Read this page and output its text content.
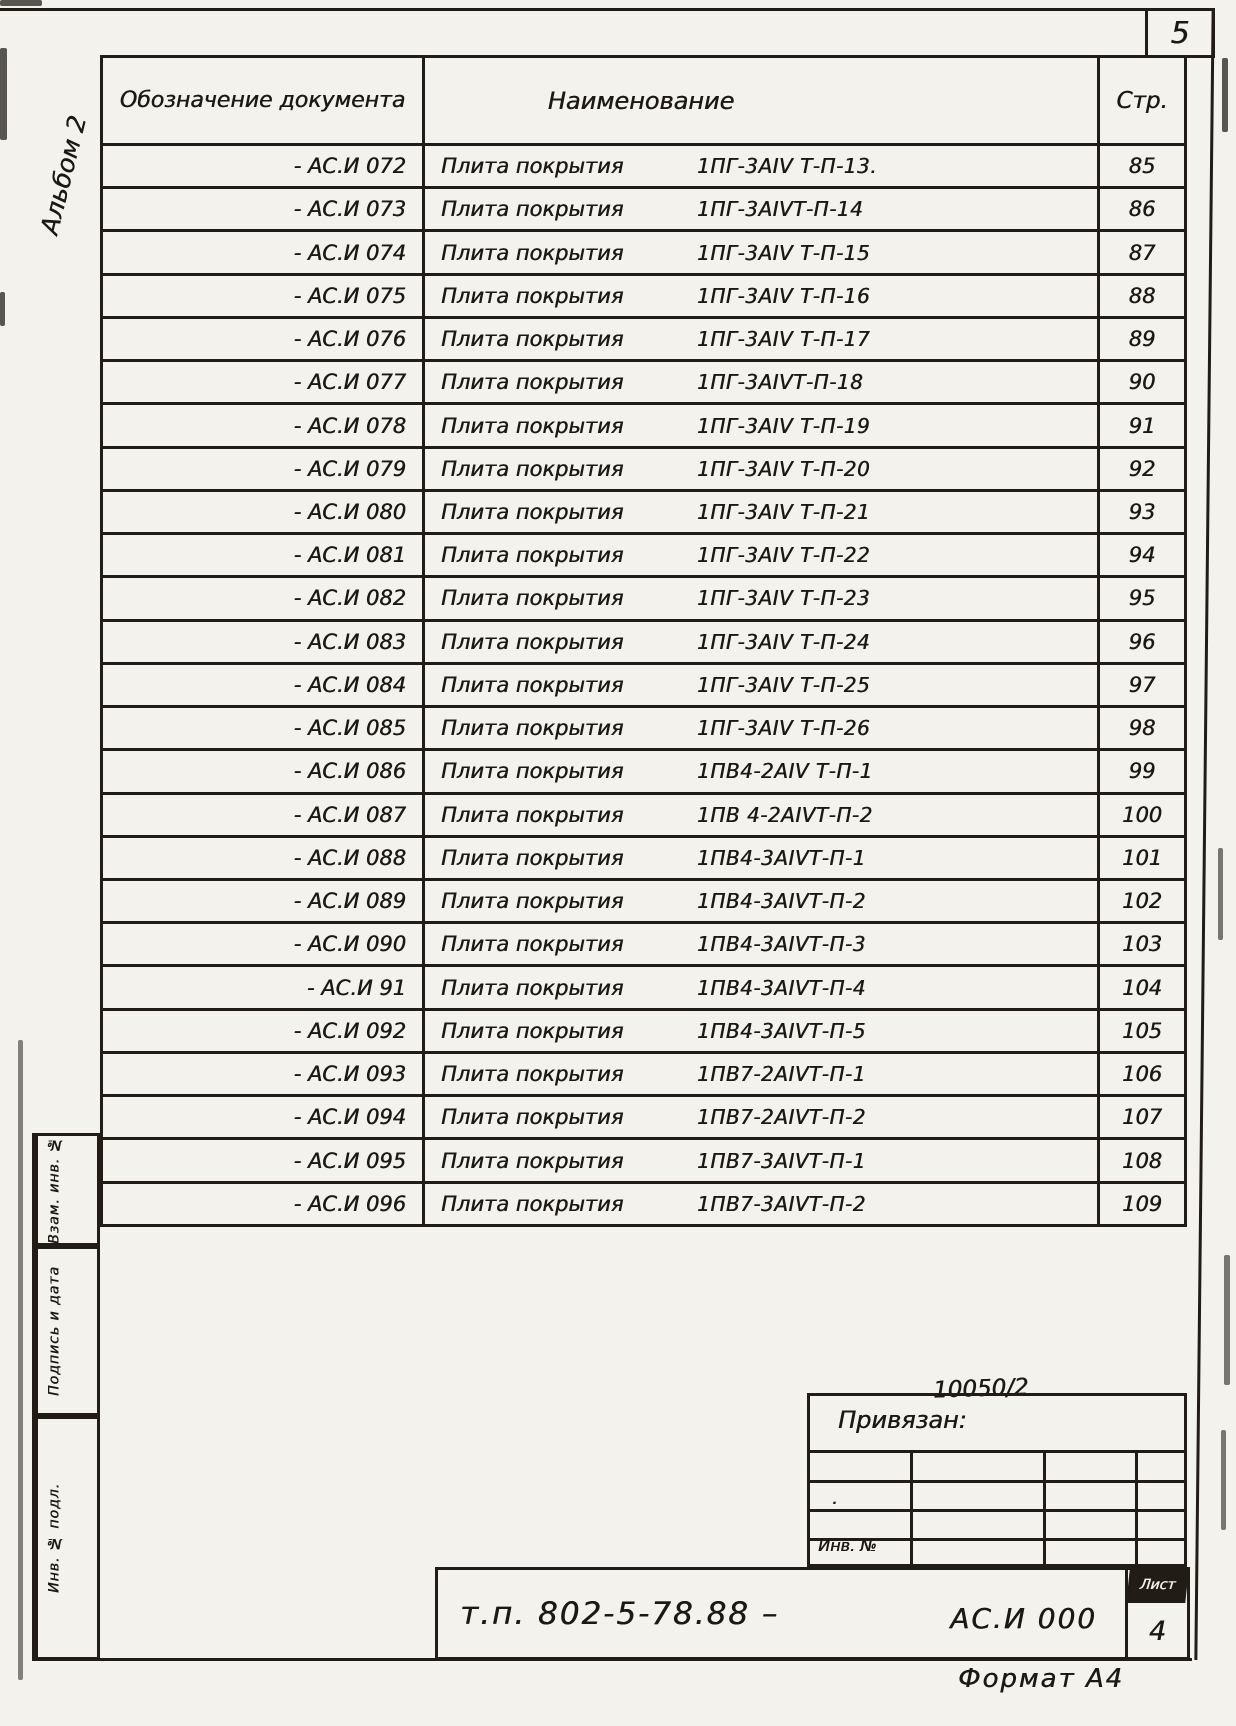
5
Альбом 2
Обозначение документа	Наименование	Стр.
- АС.И 072	Плита покрытия	1ПГ-3АIV Т-П-13.	85
- АС.И 073	Плита покрытия	1ПГ-3АIVТ-П-14	86
- АС.И 074	Плита покрытия	1ПГ-3АIV Т-П-15	87
- АС.И 075	Плита покрытия	1ПГ-3АIV Т-П-16	88
- АС.И 076	Плита покрытия	1ПГ-3АIV Т-П-17	89
- АС.И 077	Плита покрытия	1ПГ-3АIVТ-П-18	90
- АС.И 078	Плита покрытия	1ПГ-3АIV Т-П-19	91
- АС.И 079	Плита покрытия	1ПГ-3АIV Т-П-20	92
- АС.И 080	Плита покрытия	1ПГ-3АIV Т-П-21	93
- АС.И 081	Плита покрытия	1ПГ-3АIV Т-П-22	94
- АС.И 082	Плита покрытия	1ПГ-3АIV Т-П-23	95
- АС.И 083	Плита покрытия	1ПГ-3АIV Т-П-24	96
- АС.И 084	Плита покрытия	1ПГ-3АIV Т-П-25	97
- АС.И 085	Плита покрытия	1ПГ-3АIV Т-П-26	98
- АС.И 086	Плита покрытия	1ПВ4-2АIV Т-П-1	99
- АС.И 087	Плита покрытия	1ПВ 4-2АIVТ-П-2	100
- АС.И 088	Плита покрытия	1ПВ4-3АIVТ-П-1	101
- АС.И 089	Плита покрытия	1ПВ4-3АIVТ-П-2	102
- АС.И 090	Плита покрытия	1ПВ4-3АIVТ-П-3	103
- АС.И 91	Плита покрытия	1ПВ4-3АIVТ-П-4	104
- АС.И 092	Плита покрытия	1ПВ4-3АIVТ-П-5	105
- АС.И 093	Плита покрытия	1ПВ7-2АIVТ-П-1	106
- АС.И 094	Плита покрытия	1ПВ7-2АIVТ-П-2	107
- АС.И 095	Плита покрытия	1ПВ7-3АIVТ-П-1	108
- АС.И 096	Плита покрытия	1ПВ7-3АIVТ-П-2	109
Взам. инв. №
Подпись и дата
Инв. № подл.
10050/2
Привязан:
.
Инв. №
т.п. 802-5-78.88 –	АС.И 000
Лист
4
Формат А4
